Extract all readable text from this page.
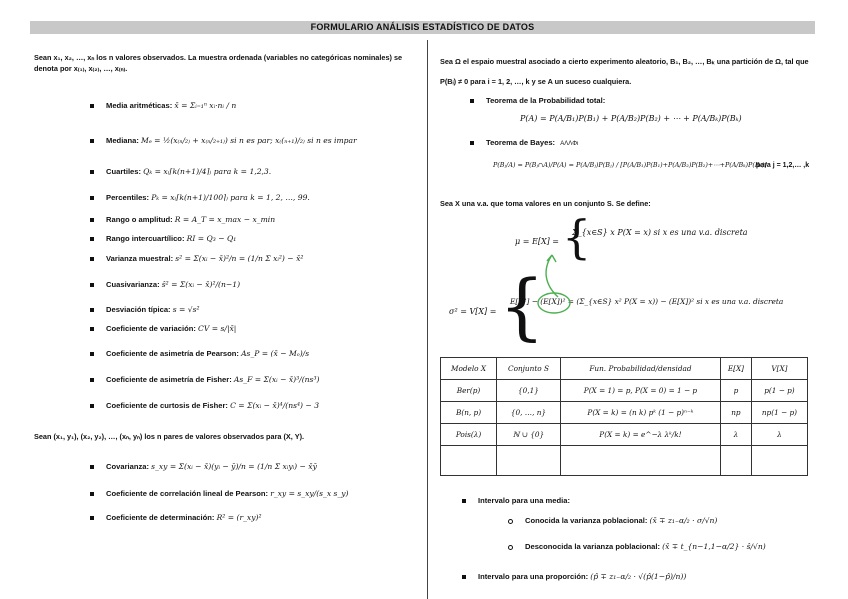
FORMULARIO ANÁLISIS ESTADÍSTICO DE DATOS
Sean x₁, x₂, …, xₙ los n valores observados. La muestra ordenada (variables no categóricas nominales) se denota por x₍₁₎, x₍₂₎, …, x₍ₙ₎.
Media aritméticas: x̄ = Σᵢ₌₁ⁿ xᵢ·nᵢ / n
Mediana: Mₑ = ½(x₍ₙ/₂₎ + x₍ₙ/₂₊₁₎) si n es par; x₍(ₙ₊₁)/₂₎ si n es impar
Cuartiles: Qₖ = x₍⌈k(n+1)/4⌉₎ para k = 1,2,3.
Percentiles: Pₖ = x₍⌈k(n+1)/100⌉₎ para k = 1, 2, …, 99.
Rango o amplitud: R = A_T = x_max − x_min
Rango intercuartílico: RI = Q₃ − Q₁
Varianza muestral: s² = Σ(xᵢ − x̄)²/n = (1/n Σ xᵢ²) − x̄²
Cuasivarianza: ŝ² = Σ(xᵢ − x̄)²/(n−1)
Desviación típica: s = √s²
Coeficiente de variación: CV = s/|x̄|
Coeficiente de asimetría de Pearson: As_P = (x̄ − Mₒ)/s
Coeficiente de asimetría de Fisher: As_F = Σ(xᵢ − x̄)³/(ns³)
Coeficiente de curtosis de Fisher: C = Σ(xᵢ − x̄)⁴/(ns⁴) − 3
Sean (x₁, y₁), (x₂, y₂), …, (xₙ, yₙ) los n pares de valores observados para (X, Y).
Covarianza: s_xy = Σ(xᵢ − x̄)(yᵢ − ȳ)/n = (1/n Σ xᵢyᵢ) − x̄ȳ
Coeficiente de correlación lineal de Pearson: r_xy = s_xy/(s_x s_y)
Coeficiente de determinación: R² = (r_xy)²
Sea Ω el espaio muestral asociado a cierto experimento aleatorio, B₁, B₂, …, Bₖ una partición de Ω, tal que P(Bᵢ) ≠ 0 para i = 1, 2, …, k y se A un suceso cualquiera.
Teorema de la Probabilidad total:
P(A) = P(A/B₁)P(B₁) + P(A/B₂)P(B₂) + ⋯ + P(A/Bₖ)P(Bₖ)
Teorema de Bayes: AΛΛΦι
P(Bⱼ/A) = P(Bⱼ∩A)/P(A) = P(A/Bⱼ)P(Bⱼ) / [P(A/B₁)P(B₁)+P(A/B₂)P(B₂)+⋯+P(A/Bₖ)P(Bₖ)]
para j = 1,2,… ,k
Sea X una v.a. que toma valores en un conjunto S. Se define:
μ = E[X] = {
Σ_{x∈S} x P(X = x) si x es una v.a. discreta
σ² = V[X] = {
E[X²] − (E[X])² = (Σ_{x∈S} x² P(X = x)) − (E[X])² si x es una v.a. discreta
Modelo X	Conjunto S	Fun. Probabilidad/densidad	E[X]	V[X]
Ber(p)	{0,1}	P(X = 1) = p, P(X = 0) = 1 − p	p	p(1 − p)
B(n, p)	{0, …, n}	P(X = k) = (n k) pᵏ (1 − p)ⁿ⁻ᵏ	np	np(1 − p)
Pois(λ)	ℕ ∪ {0}	P(X = k) = e^−λ λᵏ/k!	λ	λ

Intervalo para una media:
Conocida la varianza poblacional: (x̄ ∓ z₁₋α/₂ · σ/√n)
Desconocida la varianza poblacional: (x̄ ∓ t_{n−1,1−α/2} · ŝ/√n)
Intervalo para una proporción: (p̂ ∓ z₁₋α/₂ · √(p̂(1−p̂)/n))
